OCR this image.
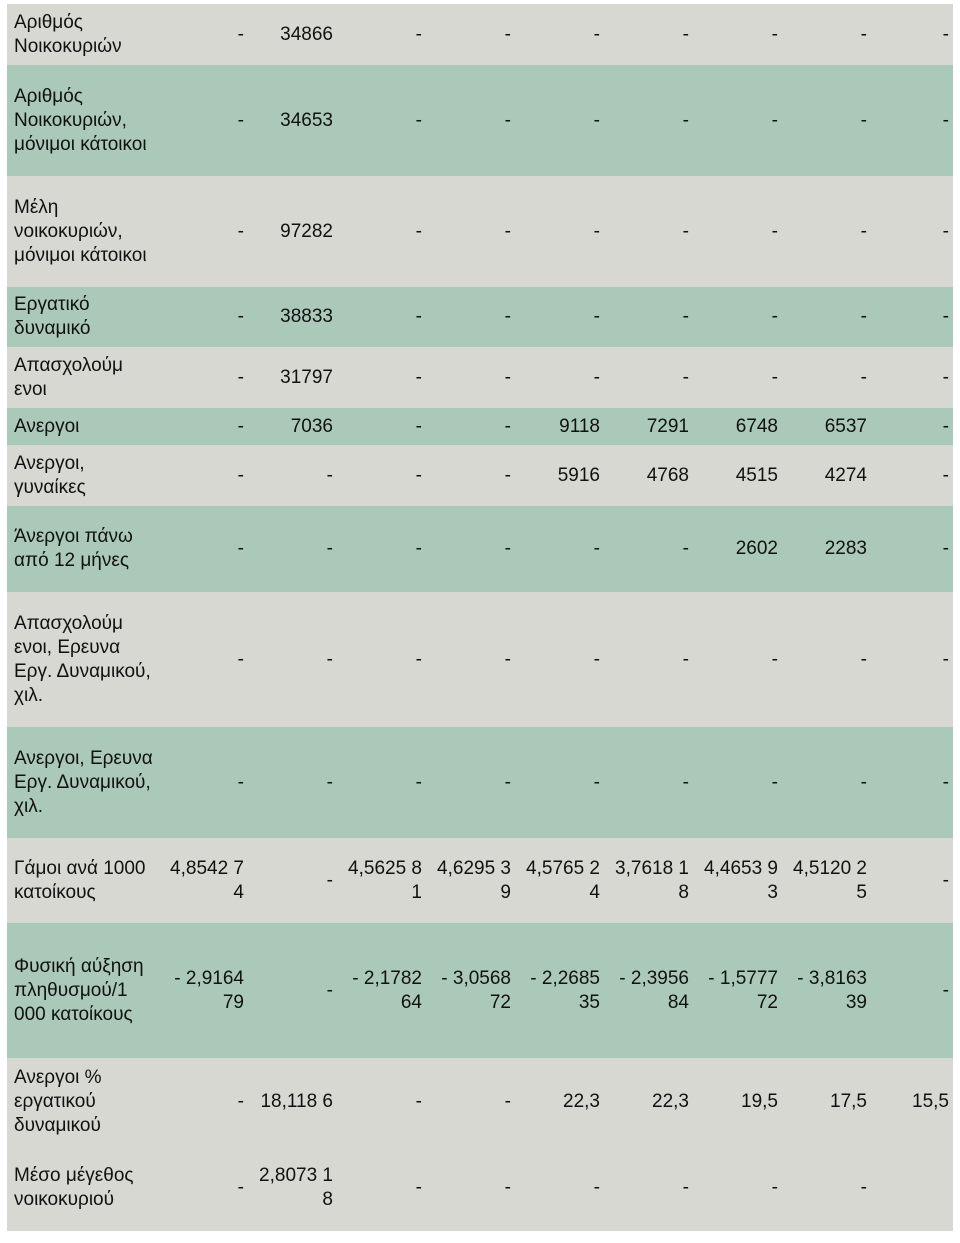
Αριθμός Νοικοκυριών	-	34866	-	-	-	-	-	-	-
Αριθμός Νοικοκυριών, μόνιμοι κάτοικοι	-	34653	-	-	-	-	-	-	-
Μέλη νοικοκυριών, μόνιμοι κάτοικοι	-	97282	-	-	-	-	-	-	-
Εργατικό δυναμικό	-	38833	-	-	-	-	-	-	-
Απασχολούμ ενοι	-	31797	-	-	-	-	-	-	-
Ανεργοι	-	7036	-	-	9118	7291	6748	6537	-
Ανεργοι, γυναίκες	-	-	-	-	5916	4768	4515	4274	-
Άνεργοι πάνω από 12 μήνες	-	-	-	-	-	-	2602	2283	-
Απασχολούμ ενοι, Ερευνα Εργ. Δυναμικού, χιλ.	-	-	-	-	-	-	-	-	-
Ανεργοι, Ερευνα Εργ. Δυναμικού, χιλ.	-	-	-	-	-	-	-	-	-
Γάμοι ανά 1000 κατοίκους	4,8542 74	-	4,5625 81	4,6295 39	4,5765 24	3,7618 18	4,4653 93	4,5120 25	-
Φυσική αύξηση πληθυσμού/1 000 κατοίκους	- 2,9164 79	-	- 2,1782 64	- 3,0568 72	- 2,2685 35	- 2,3956 84	- 1,5777 72	- 3,8163 39	-
Ανεργοι % εργατικού δυναμικού	-	18,118 6	-	-	22,3	22,3	19,5	17,5	15,5
Μέσο μέγεθος νοικοκυριού	-	2,8073 18	-	-	-	-	-	-	
